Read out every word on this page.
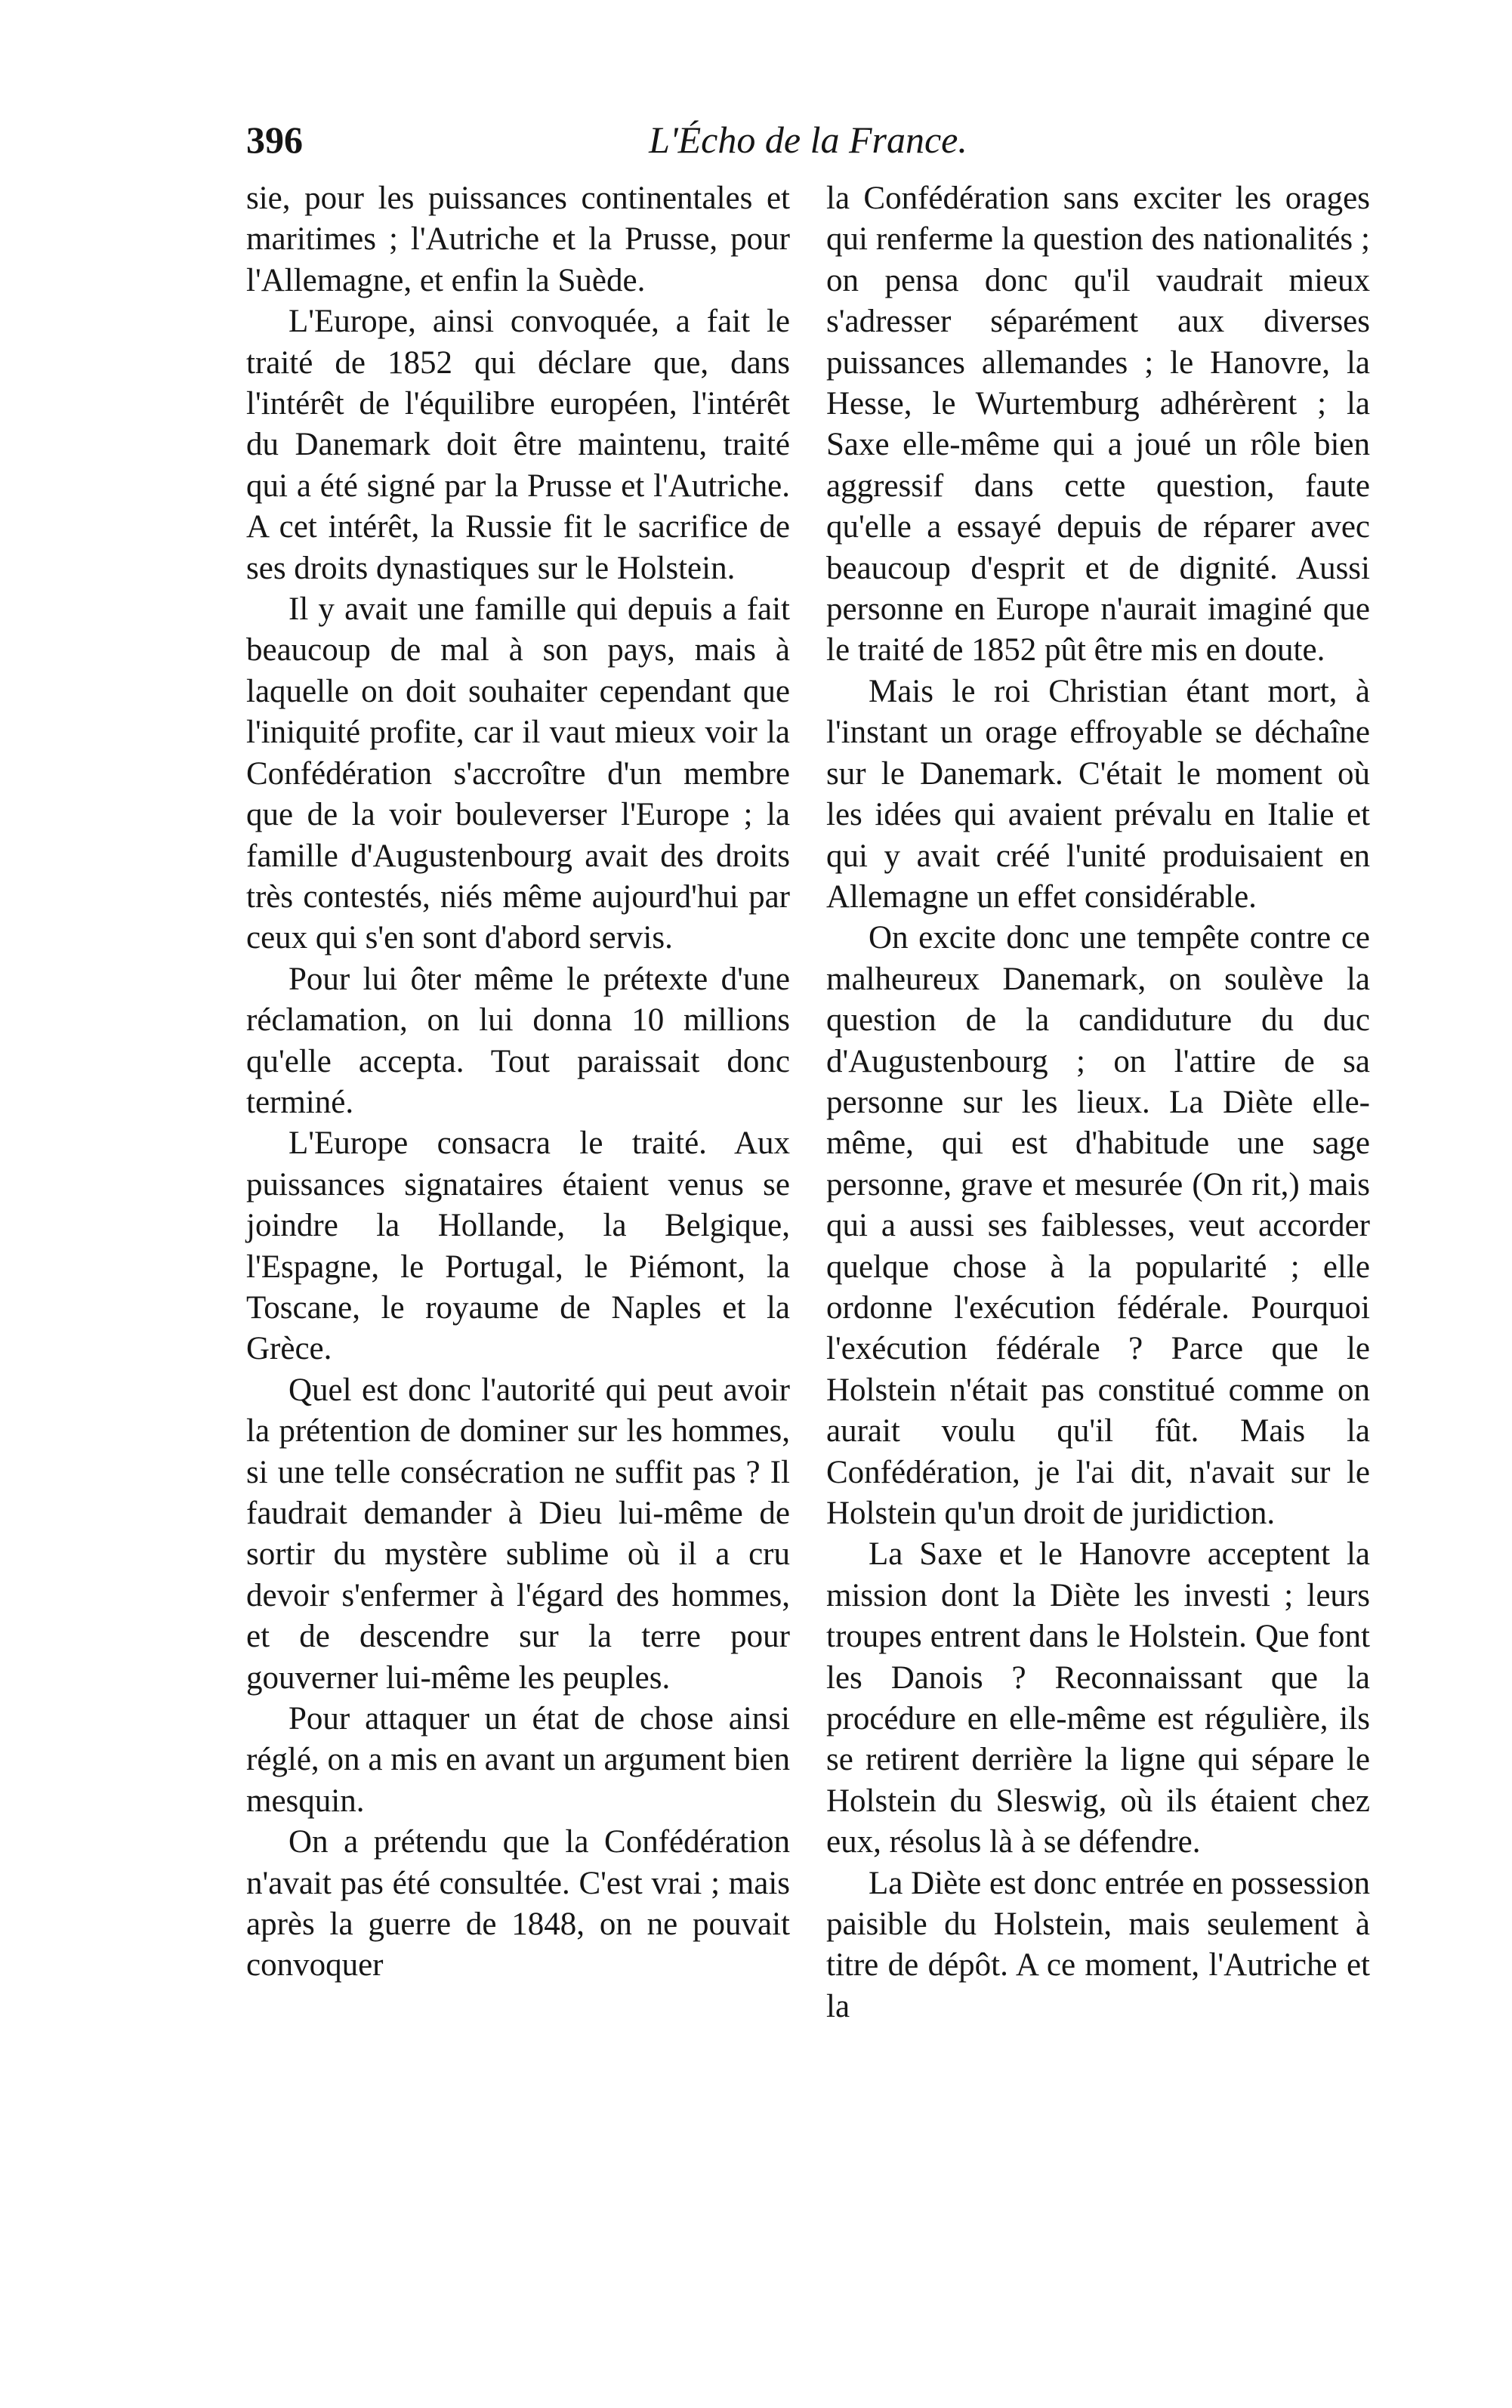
396	L'Écho de la France.

sie, pour les puissances continentales et maritimes ; l'Autriche et la Prusse, pour l'Allemagne, et enfin la Suède.

L'Europe, ainsi convoquée, a fait le traité de 1852 qui déclare que, dans l'intérêt de l'équilibre européen, l'intérêt du Danemark doit être maintenu, traité qui a été signé par la Prusse et l'Autriche. A cet intérêt, la Russie fit le sacrifice de ses droits dynastiques sur le Holstein.

Il y avait une famille qui depuis a fait beaucoup de mal à son pays, mais à laquelle on doit souhaiter cependant que l'iniquité profite, car il vaut mieux voir la Confédération s'accroître d'un membre que de la voir bouleverser l'Europe ; la famille d'Augustenbourg avait des droits très contestés, niés même aujourd'hui par ceux qui s'en sont d'abord servis.

Pour lui ôter même le prétexte d'une réclamation, on lui donna 10 millions qu'elle accepta. Tout paraissait donc terminé.

L'Europe consacra le traité. Aux puissances signataires étaient venus se joindre la Hollande, la Belgique, l'Espagne, le Portugal, le Piémont, la Toscane, le royaume de Naples et la Grèce.

Quel est donc l'autorité qui peut avoir la prétention de dominer sur les hommes, si une telle consécration ne suffit pas ? Il faudrait demander à Dieu lui-même de sortir du mystère sublime où il a cru devoir s'enfermer à l'égard des hommes, et de descendre sur la terre pour gouverner lui-même les peuples.

Pour attaquer un état de chose ainsi réglé, on a mis en avant un argument bien mesquin.

On a prétendu que la Confédération n'avait pas été consultée. C'est vrai ; mais après la guerre de 1848, on ne pouvait convoquer

la Confédération sans exciter les orages qui renferme la question des nationalités ; on pensa donc qu'il vaudrait mieux s'adresser séparément aux diverses puissances allemandes ; le Hanovre, la Hesse, le Wurtemburg adhérèrent ; la Saxe elle-même qui a joué un rôle bien aggressif dans cette question, faute qu'elle a essayé depuis de réparer avec beaucoup d'esprit et de dignité. Aussi personne en Europe n'aurait imaginé que le traité de 1852 pût être mis en doute.

Mais le roi Christian étant mort, à l'instant un orage effroyable se déchaîne sur le Danemark. C'était le moment où les idées qui avaient prévalu en Italie et qui y avait créé l'unité produisaient en Allemagne un effet considérable.

On excite donc une tempête contre ce malheureux Danemark, on soulève la question de la candiduture du duc d'Augustenbourg ; on l'attire de sa personne sur les lieux. La Diète elle-même, qui est d'habitude une sage personne, grave et mesurée (On rit,) mais qui a aussi ses faiblesses, veut accorder quelque chose à la popularité ; elle ordonne l'exécution fédérale. Pourquoi l'exécution fédérale ? Parce que le Holstein n'était pas constitué comme on aurait voulu qu'il fût. Mais la Confédération, je l'ai dit, n'avait sur le Holstein qu'un droit de juridiction.

La Saxe et le Hanovre acceptent la mission dont la Diète les investi ; leurs troupes entrent dans le Holstein. Que font les Danois ? Reconnaissant que la procédure en elle-même est régulière, ils se retirent derrière la ligne qui sépare le Holstein du Sleswig, où ils étaient chez eux, résolus là à se défendre.

La Diète est donc entrée en possession paisible du Holstein, mais seulement à titre de dépôt. A ce moment, l'Autriche et la
